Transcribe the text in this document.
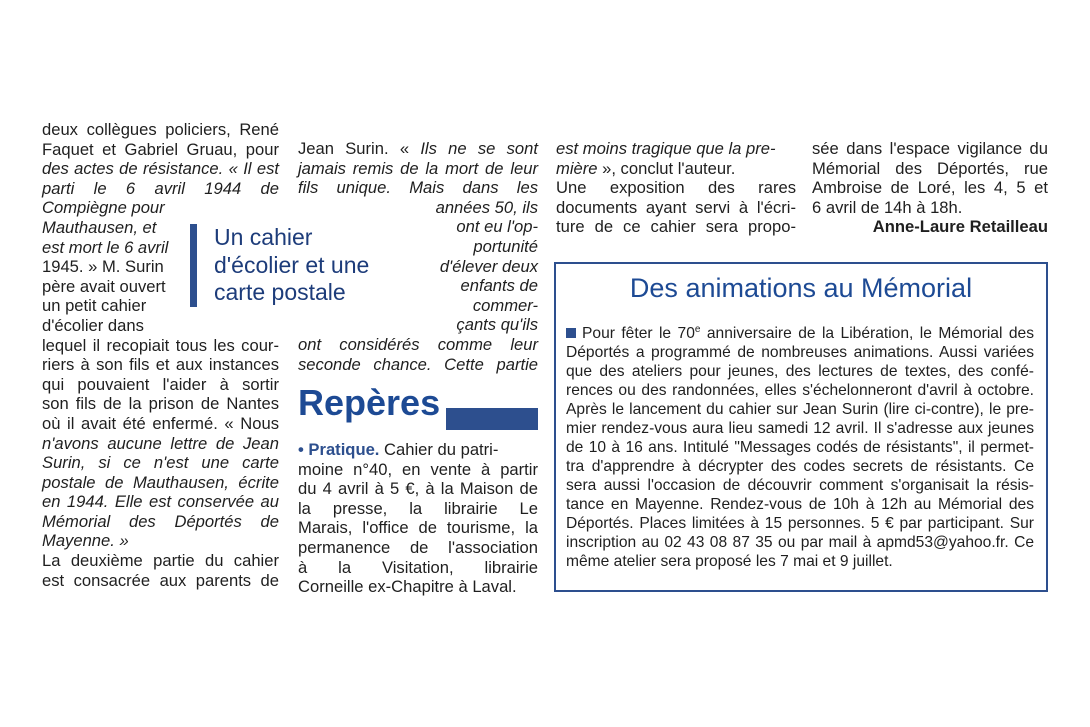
deux collègues policiers, René
Faquet et Gabriel Gruau, pour
des actes de résistance. « Il est
parti le 6 avril 1944 de
Compiègne pour
Mauthausen, et
est mort le 6 avril
1945. » M. Surin
père avait ouvert
un petit cahier
d'écolier dans
lequel il recopiait tous les cour-
riers à son fils et aux instances
qui pouvaient l'aider à sortir
son fils de la prison de Nantes
où il avait été enfermé. « Nous
n'avons aucune lettre de Jean
Surin, si ce n'est une carte
postale de Mauthausen, écrite
en 1944. Elle est conservée au
Mémorial des Déportés de
Mayenne. »
La deuxième partie du cahier
est consacrée aux parents de
Un cahier
d'écolier et une
carte postale
Jean Surin. « Ils ne se sont
jamais remis de la mort de leur
fils unique. Mais dans les
années 50, ils
ont eu l'op-
portunité
d'élever deux
enfants de
commer-
çants qu'ils
ont considérés comme leur
seconde chance. Cette partie
Repères
• Pratique. Cahier du patri-
moine n°40, en vente à partir
du 4 avril à 5 €, à la Maison de
la presse, la librairie Le
Marais, l'office de tourisme, la
permanence de l'association
à la Visitation, librairie
Corneille ex-Chapitre à Laval.
est moins tragique que la pre-
mière », conclut l'auteur.
Une exposition des rares
documents ayant servi à l'écri-
ture de ce cahier sera propo-
sée dans l'espace vigilance du
Mémorial des Déportés, rue
Ambroise de Loré, les 4, 5 et
6 avril de 14h à 18h.
Anne-Laure Retailleau
Des animations au Mémorial
Pour fêter le 70e anniversaire de la Libération, le Mémorial des
Déportés a programmé de nombreuses animations. Aussi variées
que des ateliers pour jeunes, des lectures de textes, des confé-
rences ou des randonnées, elles s'échelonneront d'avril à octobre.
Après le lancement du cahier sur Jean Surin (lire ci-contre), le pre-
mier rendez-vous aura lieu samedi 12 avril. Il s'adresse aux jeunes
de 10 à 16 ans. Intitulé "Messages codés de résistants", il permet-
tra d'apprendre à décrypter des codes secrets de résistants. Ce
sera aussi l'occasion de découvrir comment s'organisait la résis-
tance en Mayenne. Rendez-vous de 10h à 12h au Mémorial des
Déportés. Places limitées à 15 personnes. 5 € par participant. Sur
inscription au 02 43 08 87 35 ou par mail à apmd53@yahoo.fr. Ce
même atelier sera proposé les 7 mai et 9 juillet.
